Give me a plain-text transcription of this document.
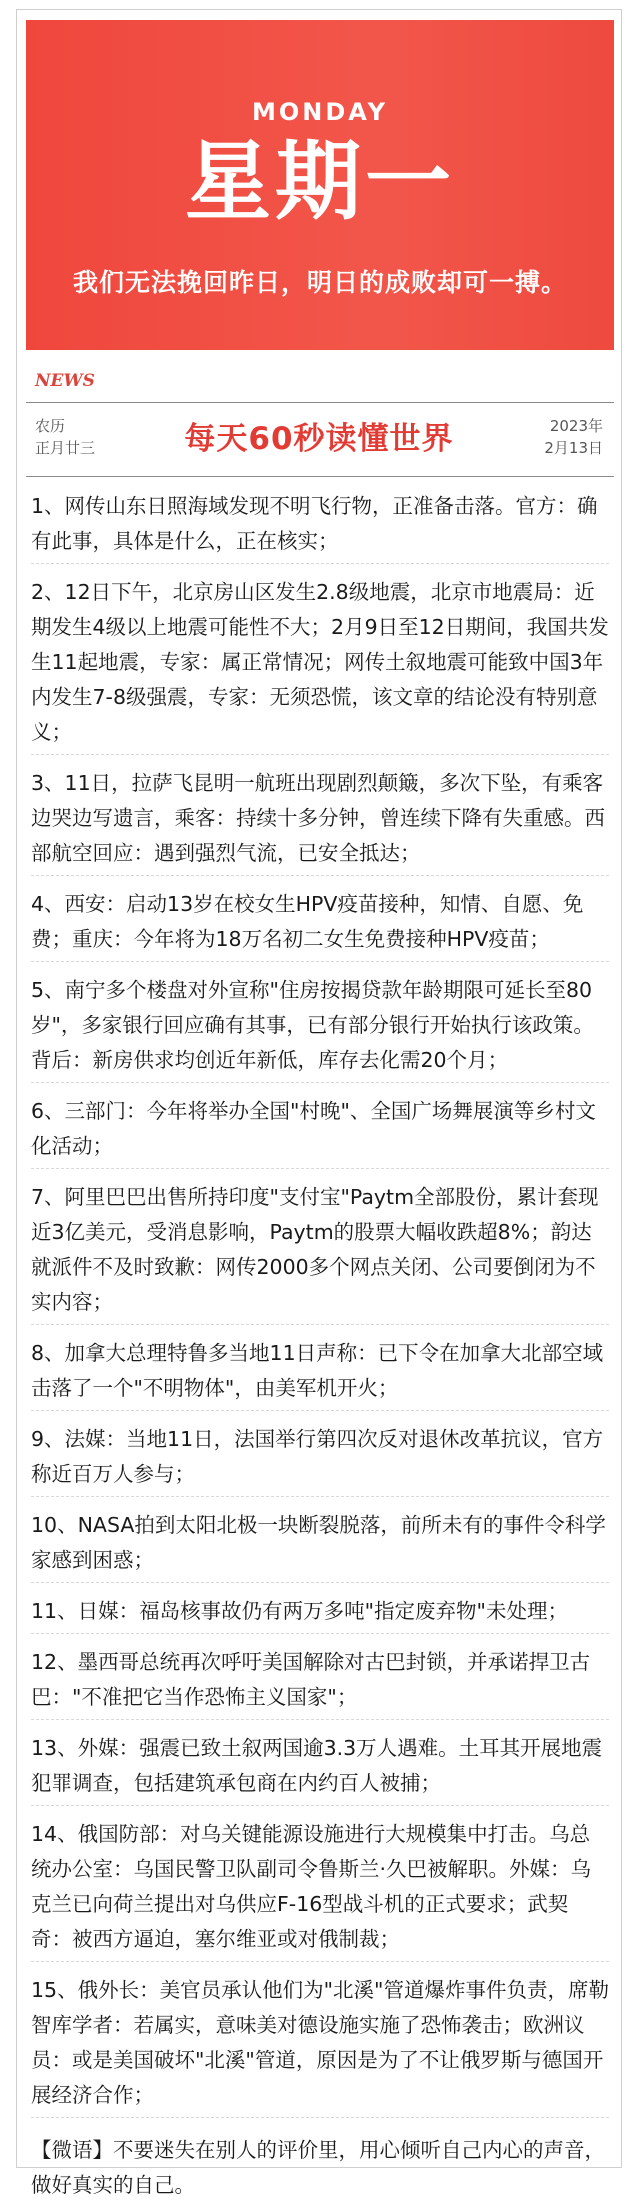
MONDAY
星期一
我们无法挽回昨日，明日的成败却可一搏。
NEWS
农历
正月廿三	每天60秒读懂世界	2023年
2月13日
1、网传山东日照海域发现不明飞行物，正准备击落。官方：确有此事，具体是什么，正在核实；
2、12日下午，北京房山区发生2.8级地震，北京市地震局：近期发生4级以上地震可能性不大；2月9日至12日期间，我国共发生11起地震，专家：属正常情况；网传土叙地震可能致中国3年内发生7-8级强震，专家：无须恐慌，该文章的结论没有特别意义；
3、11日，拉萨飞昆明一航班出现剧烈颠簸，多次下坠，有乘客边哭边写遗言，乘客：持续十多分钟，曾连续下降有失重感。西部航空回应：遇到强烈气流，已安全抵达；
4、西安：启动13岁在校女生HPV疫苗接种，知情、自愿、免费；重庆：今年将为18万名初二女生免费接种HPV疫苗；
5、南宁多个楼盘对外宣称"住房按揭贷款年龄期限可延长至80岁"，多家银行回应确有其事，已有部分银行开始执行该政策。背后：新房供求均创近年新低，库存去化需20个月；
6、三部门：今年将举办全国"村晚"、全国广场舞展演等乡村文化活动；
7、阿里巴巴出售所持印度"支付宝"Paytm全部股份，累计套现近3亿美元，受消息影响，Paytm的股票大幅收跌超8%；韵达就派件不及时致歉：网传2000多个网点关闭、公司要倒闭为不实内容；
8、加拿大总理特鲁多当地11日声称：已下令在加拿大北部空域击落了一个"不明物体"，由美军机开火；
9、法媒：当地11日，法国举行第四次反对退休改革抗议，官方称近百万人参与；
10、NASA拍到太阳北极一块断裂脱落，前所未有的事件令科学家感到困惑；
11、日媒：福岛核事故仍有两万多吨"指定废弃物"未处理；
12、墨西哥总统再次呼吁美国解除对古巴封锁，并承诺捍卫古巴："不准把它当作恐怖主义国家"；
13、外媒：强震已致土叙两国逾3.3万人遇难。土耳其开展地震犯罪调查，包括建筑承包商在内约百人被捕；
14、俄国防部：对乌关键能源设施进行大规模集中打击。乌总统办公室：乌国民警卫队副司令鲁斯兰·久巴被解职。外媒：乌克兰已向荷兰提出对乌供应F-16型战斗机的正式要求；武契奇：被西方逼迫，塞尔维亚或对俄制裁；
15、俄外长：美官员承认他们为"北溪"管道爆炸事件负责，席勒智库学者：若属实，意味美对德设施实施了恐怖袭击；欧洲议员：或是美国破坏"北溪"管道，原因是为了不让俄罗斯与德国开展经济合作；
【微语】不要迷失在别人的评价里，用心倾听自己内心的声音，做好真实的自己。
